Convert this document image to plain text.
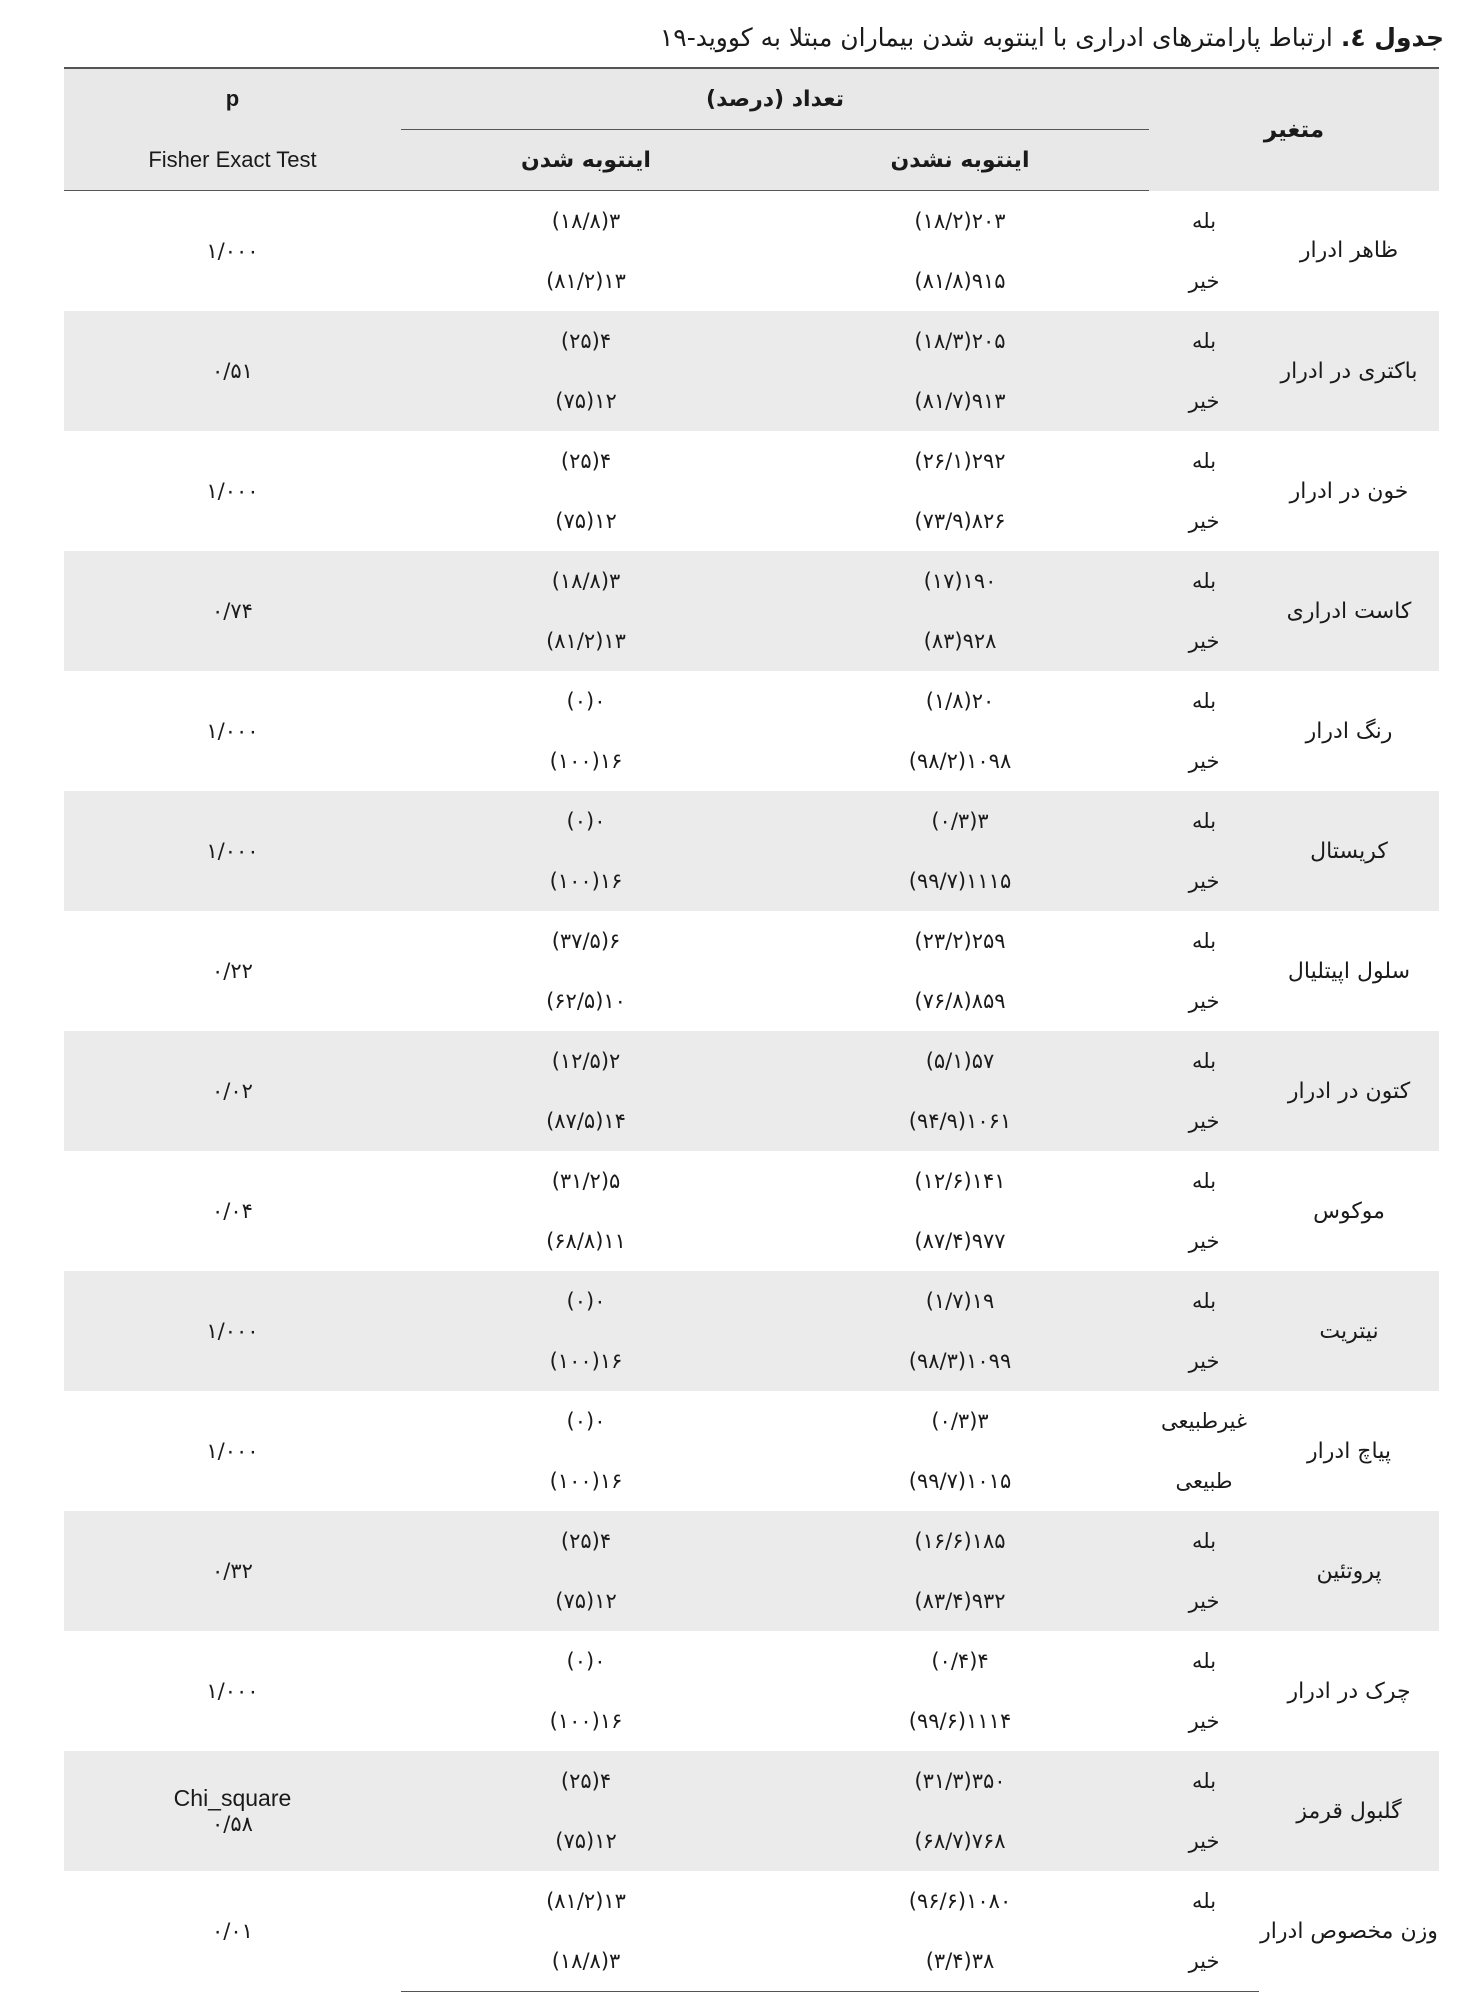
جدول ٤. ارتباط پارامترهای ادراری با اینتوبه شدن بیماران مبتلا به کووید-۱۹
متغیر		تعداد (درصد)		p
		اینتوبه نشدن	اینتوبه شدن	Fisher Exact Test
ظاهر ادرار	بله	۲۰۳(۱۸/۲)	۳(۱۸/۸)	۱/۰۰۰
	خیر	۹۱۵(۸۱/۸)	۱۳(۸۱/۲)	
باکتری در ادرار	بله	۲۰۵(۱۸/۳)	۴(۲۵)	۰/۵۱
	خیر	۹۱۳(۸۱/۷)	۱۲(۷۵)	
خون در ادرار	بله	۲۹۲(۲۶/۱)	۴(۲۵)	۱/۰۰۰
	خیر	۸۲۶(۷۳/۹)	۱۲(۷۵)	
کاست ادراری	بله	۱۹۰(۱۷)	۳(۱۸/۸)	۰/۷۴
	خیر	۹۲۸(۸۳)	۱۳(۸۱/۲)	
رنگ ادرار	بله	۲۰(۱/۸)	۰(۰)	۱/۰۰۰
	خیر	۱۰۹۸(۹۸/۲)	۱۶(۱۰۰)	
کریستال	بله	۳(۰/۳)	۰(۰)	۱/۰۰۰
	خیر	۱۱۱۵(۹۹/۷)	۱۶(۱۰۰)	
سلول اپیتلیال	بله	۲۵۹(۲۳/۲)	۶(۳۷/۵)	۰/۲۲
	خیر	۸۵۹(۷۶/۸)	۱۰(۶۲/۵)	
کتون در ادرار	بله	۵۷(۵/۱)	۲(۱۲/۵)	۰/۰۲
	خیر	۱۰۶۱(۹۴/۹)	۱۴(۸۷/۵)	
موکوس	بله	۱۴۱(۱۲/۶)	۵(۳۱/۲)	۰/۰۴
	خیر	۹۷۷(۸۷/۴)	۱۱(۶۸/۸)	
نیتریت	بله	۱۹(۱/۷)	۰(۰)	۱/۰۰۰
	خیر	۱۰۹۹(۹۸/۳)	۱۶(۱۰۰)	
پیاچ ادرار	غیرطبیعی	۳(۰/۳)	۰(۰)	۱/۰۰۰
	طبیعی	۱۰۱۵(۹۹/۷)	۱۶(۱۰۰)	
پروتئین	بله	۱۸۵(۱۶/۶)	۴(۲۵)	۰/۳۲
	خیر	۹۳۲(۸۳/۴)	۱۲(۷۵)	
چرک در ادرار	بله	۴(۰/۴)	۰(۰)	۱/۰۰۰
	خیر	۱۱۱۴(۹۹/۶)	۱۶(۱۰۰)	
گلبول قرمز	بله	۳۵۰(۳۱/۳)	۴(۲۵)	Chi_square
۰/۵۸
	خیر	۷۶۸(۶۸/۷)	۱۲(۷۵)	
وزن مخصوص ادرار	بله	۱۰۸۰(۹۶/۶)	۱۳(۸۱/۲)	۰/۰۱
	خیر	۳۸(۳/۴)	۳(۱۸/۸)	
